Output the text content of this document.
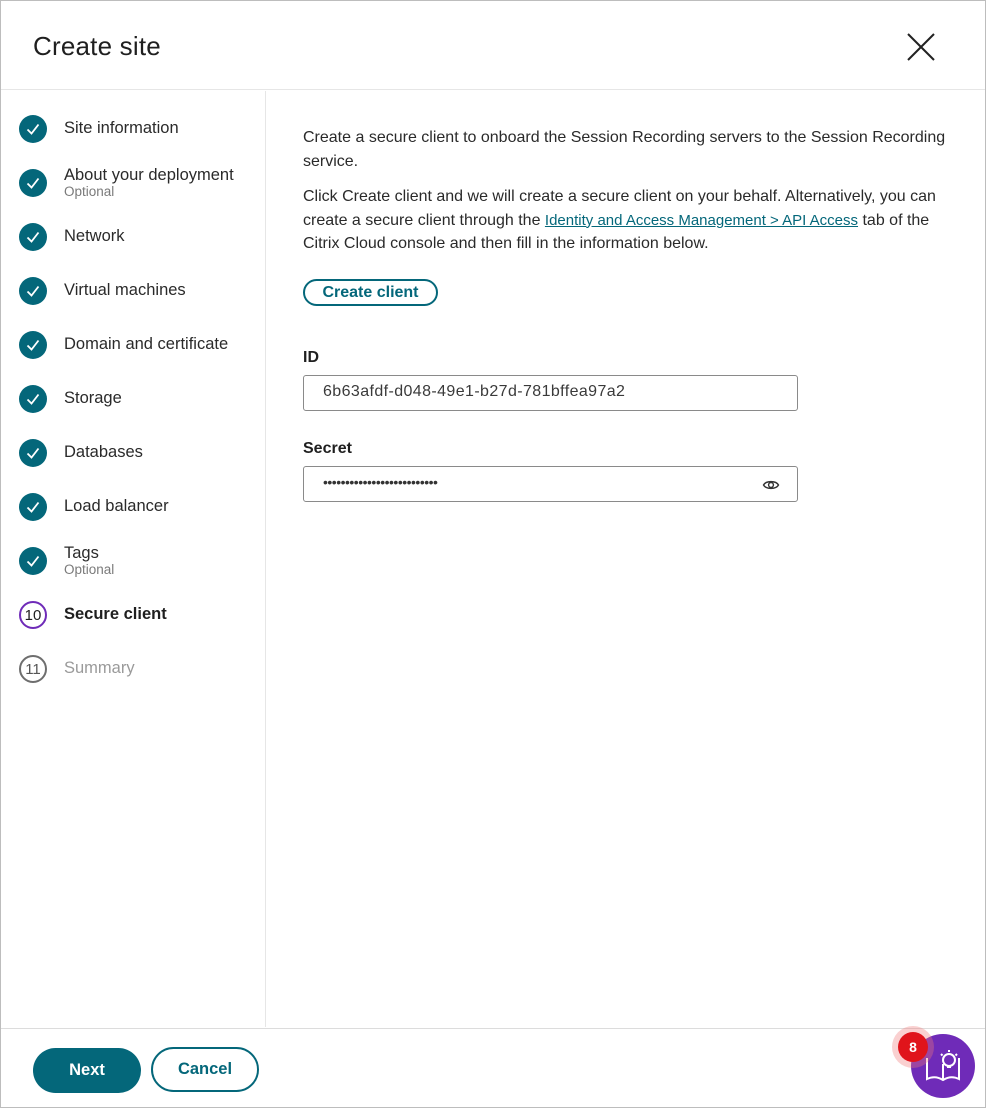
Create site
Site information
About your deployment
Optional
Network
Virtual machines
Domain and certificate
Storage
Databases
Load balancer
Tags
Optional
10	Secure client
11	Summary

Create a secure client to onboard the Session Recording servers to the Session Recording service.

Click Create client and we will create a secure client on your behalf. Alternatively, you can create a secure client through the Identity and Access Management > API Access tab of the Citrix Cloud console and then fill in the information below.

Create client
ID
6b63afdf-d048-49e1-b27d-781bffea97a2
Secret
••••••••••••••••••••••••••
Next	Cancel
8
